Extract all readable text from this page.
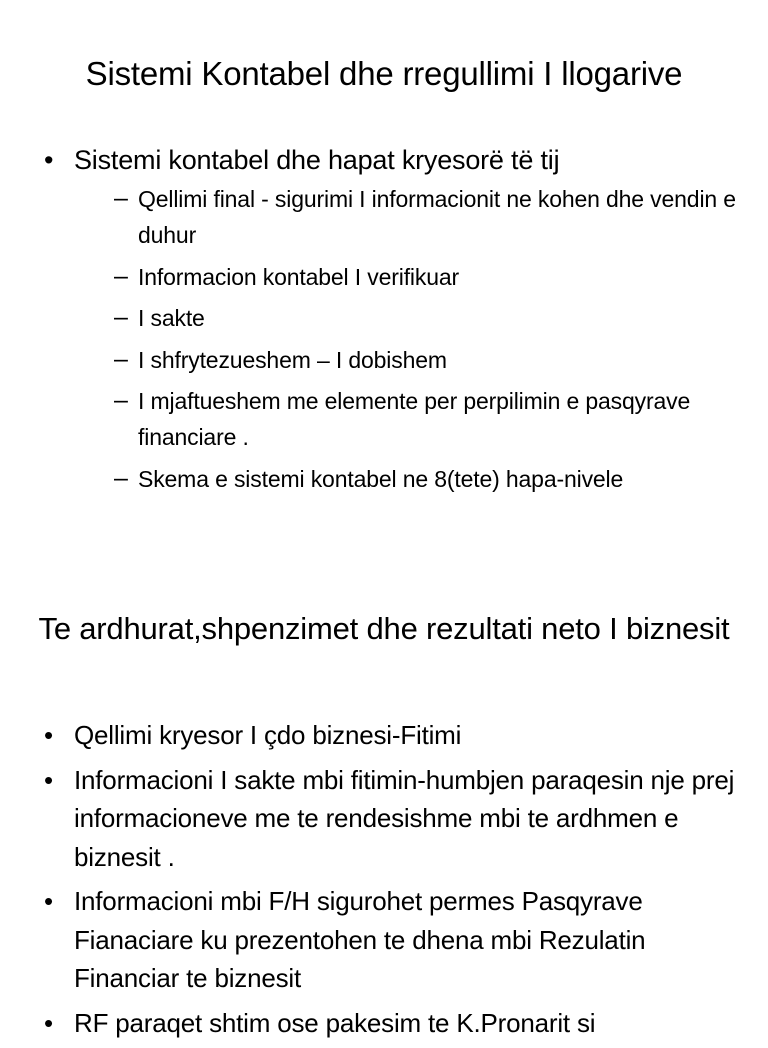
Sistemi Kontabel dhe rregullimi I llogarive
• Sistemi kontabel dhe hapat kryesorë të tij
– Qellimi final - sigurimi I informacionit ne kohen dhe vendin e duhur
– Informacion kontabel I verifikuar
– I sakte
– I shfrytezueshem – I dobishem
– I mjaftueshem me elemente per perpilimin e pasqyrave financiare .
– Skema e sistemi kontabel ne 8(tete) hapa-nivele
Te ardhurat,shpenzimet dhe rezultati neto I biznesit
• Qellimi kryesor I çdo biznesi-Fitimi
• Informacioni I sakte mbi fitimin-humbjen paraqesin nje prej informacioneve me te rendesishme mbi te ardhmen e biznesit .
• Informacioni mbi F/H sigurohet permes Pasqyrave Fianaciare ku prezentohen te dhena mbi Rezulatin Financiar te biznesit
• RF paraqet shtim ose pakesim te K.Pronarit si
